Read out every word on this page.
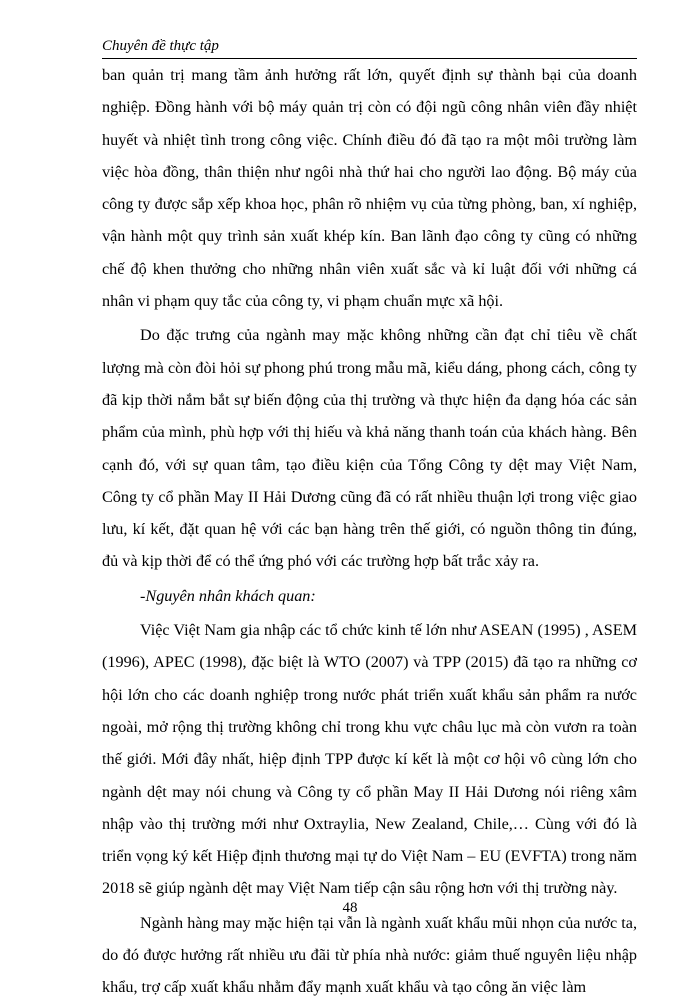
Chuyên đề thực tập

ban quản trị mang tầm ảnh hưởng rất lớn, quyết định sự thành bại của doanh nghiệp. Đồng hành với bộ máy quản trị còn có đội ngũ công nhân viên đầy nhiệt huyết và nhiệt tình trong công việc. Chính điều đó đã tạo ra một môi trường làm việc hòa đồng, thân thiện như ngôi nhà thứ hai cho người lao động. Bộ máy của công ty được sắp xếp khoa học, phân rõ nhiệm vụ của từng phòng, ban, xí nghiệp, vận hành một quy trình sản xuất khép kín. Ban lãnh đạo công ty cũng có những chế độ khen thưởng cho những nhân viên xuất sắc và kỉ luật đối với những cá nhân vi phạm quy tắc của công ty, vi phạm chuẩn mực xã hội.

Do đặc trưng của ngành may mặc không những cần đạt chỉ tiêu về chất lượng mà còn đòi hỏi sự phong phú trong mẫu mã, kiểu dáng, phong cách, công ty đã kịp thời nắm bắt sự biến động của thị trường và thực hiện đa dạng hóa các sản phẩm của mình, phù hợp với thị hiếu và khả năng thanh toán của khách hàng. Bên cạnh đó, với sự quan tâm, tạo điều kiện của Tổng Công ty dệt may Việt Nam, Công ty cổ phần May II Hải Dương cũng đã có rất nhiều thuận lợi trong việc giao lưu, kí kết, đặt quan hệ với các bạn hàng trên thế giới, có nguồn thông tin đúng, đủ và kịp thời để có thể ứng phó với các trường hợp bất trắc xảy ra.

-Nguyên nhân khách quan:

Việc Việt Nam gia nhập các tổ chức kinh tế lớn như ASEAN (1995) , ASEM (1996), APEC (1998), đặc biệt là WTO (2007) và TPP (2015) đã tạo ra những cơ hội lớn cho các doanh nghiệp trong nước phát triển xuất khẩu sản phẩm ra nước ngoài, mở rộng thị trường không chỉ trong khu vực châu lục mà còn vươn ra toàn thế giới. Mới đây nhất, hiệp định TPP được kí kết là một cơ hội vô cùng lớn cho ngành dệt may nói chung và Công ty cổ phần May II Hải Dương nói riêng xâm nhập vào thị trường mới như Oxtraylia, New Zealand, Chile,… Cùng với đó là triển vọng ký kết Hiệp định thương mại tự do Việt Nam – EU (EVFTA) trong năm 2018 sẽ giúp ngành dệt may Việt Nam tiếp cận sâu rộng hơn với thị trường này.

Ngành hàng may mặc hiện tại vẫn là ngành xuất khẩu mũi nhọn của nước ta, do đó được hưởng rất nhiều ưu đãi từ phía nhà nước: giảm thuế nguyên liệu nhập khẩu, trợ cấp xuất khẩu nhằm đẩy mạnh xuất khẩu và tạo công ăn việc làm

48
